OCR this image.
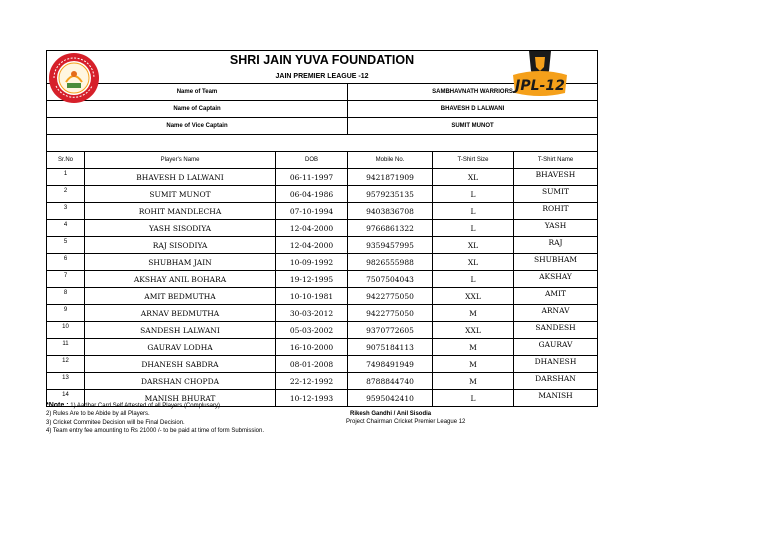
SHRI JAIN YUVA FOUNDATION					
JAIN PREMIER LEAGUE -12					
Name of Team			SAMBHAVNATH WARRIORS		
Name of Captain			BHAVESH D LALWANI		
Name of Vice Captain			SUMIT MUNOT		

Sr.No	Player's Name	DOB	Mobile No.	T-Shirt Size	T-Shirt Name
1	BHAVESH D LALWANI	06-11-1997	9421871909	XL	BHAVESH
2	SUMIT MUNOT	06-04-1986	9579235135	L	SUMIT
3	ROHIT MANDLECHA	07-10-1994	9403836708	L	ROHIT
4	YASH SISODIYA	12-04-2000	9766861322	L	YASH
5	RAJ SISODIYA	12-04-2000	9359457995	XL	RAJ
6	SHUBHAM JAIN	10-09-1992	9826555988	XL	SHUBHAM
7	AKSHAY ANIL BOHARA	19-12-1995	7507504043	L	AKSHAY
8	AMIT BEDMUTHA	10-10-1981	9422775050	XXL	AMIT
9	ARNAV BEDMUTHA	30-03-2012	9422775050	M	ARNAV
10	SANDESH LALWANI	05-03-2002	9370772605	XXL	SANDESH
11	GAURAV LODHA	16-10-2000	9075184113	M	GAURAV
12	DHANESH SABDRA	08-01-2008	7498491949	M	DHANESH
13	DARSHAN CHOPDA	22-12-1992	8788844740	M	DARSHAN
14	MANISH BHURAT	10-12-1993	9595042410	L	MANISH
JPL-12
*Note : 1) Aadhar Card Self Attested of all Players (Complusary) .
2) Rules Are to be Abide by all Players.
3) Cricket Commitee Decision will be Final Decision.
4) Team entry fee amounting to Rs 21000 /- to be paid at time of form Submission.
Rikesh Gandhi / Anil Sisodia
Project Chairman Cricket Premier League 12
